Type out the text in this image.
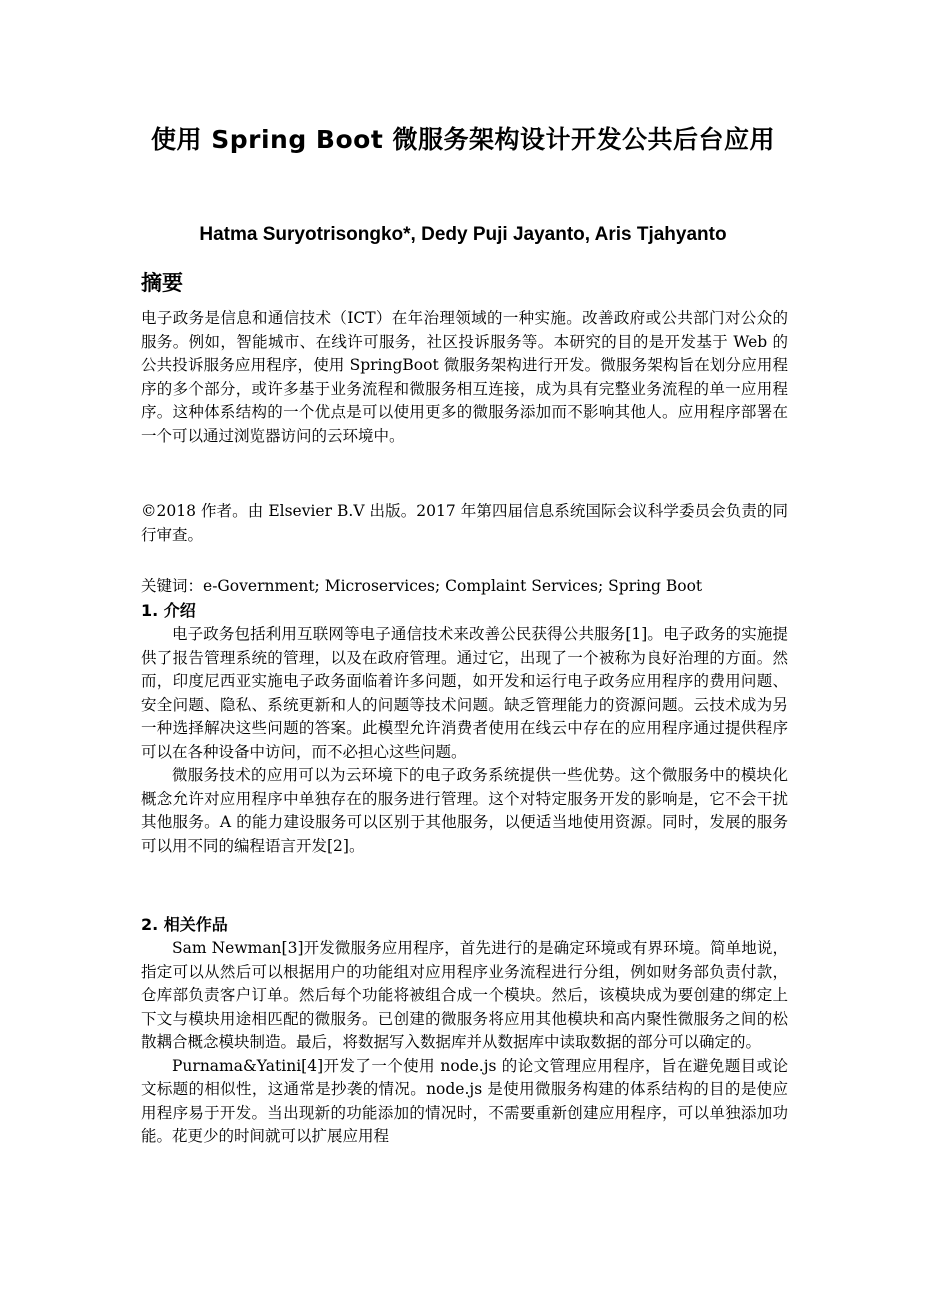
使用 Spring Boot 微服务架构设计开发公共后台应用
Hatma Suryotrisongko*, Dedy Puji Jayanto, Aris Tjahyanto
摘要

电子政务是信息和通信技术（ICT）在年治理领域的一种实施。改善政府或公共部门对公众的服务。例如，智能城市、在线许可服务，社区投诉服务等。本研究的目的是开发基于 Web 的公共投诉服务应用程序，使用 SpringBoot 微服务架构进行开发。微服务架构旨在划分应用程序的多个部分，或许多基于业务流程和微服务相互连接，成为具有完整业务流程的单一应用程序。这种体系结构的一个优点是可以使用更多的微服务添加而不影响其他人。应用程序部署在一个可以通过浏览器访问的云环境中。

©2018 作者。由 Elsevier B.V 出版。2017 年第四届信息系统国际会议科学委员会负责的同行审查。

关键词：e-Government; Microservices; Complaint Services; Spring Boot
1. 介绍

电子政务包括利用互联网等电子通信技术来改善公民获得公共服务[1]。电子政务的实施提供了报告管理系统的管理，以及在政府管理。通过它，出现了一个被称为良好治理的方面。然而，印度尼西亚实施电子政务面临着许多问题，如开发和运行电子政务应用程序的费用问题、安全问题、隐私、系统更新和人的问题等技术问题。缺乏管理能力的资源问题。云技术成为另一种选择解决这些问题的答案。此模型允许消费者使用在线云中存在的应用程序通过提供程序可以在各种设备中访问，而不必担心这些问题。

微服务技术的应用可以为云环境下的电子政务系统提供一些优势。这个微服务中的模块化概念允许对应用程序中单独存在的服务进行管理。这个对特定服务开发的影响是，它不会干扰其他服务。A 的能力建设服务可以区别于其他服务，以便适当地使用资源。同时，发展的服务可以用不同的编程语言开发[2]。

2. 相关作品

Sam Newman[3]开发微服务应用程序，首先进行的是确定环境或有界环境。简单地说，指定可以从然后可以根据用户的功能组对应用程序业务流程进行分组，例如财务部负责付款，仓库部负责客户订单。然后每个功能将被组合成一个模块。然后，该模块成为要创建的绑定上下文与模块用途相匹配的微服务。已创建的微服务将应用其他模块和高内聚性微服务之间的松散耦合概念模块制造。最后，将数据写入数据库并从数据库中读取数据的部分可以确定的。

Purnama&Yatini[4]开发了一个使用 node.js 的论文管理应用程序，旨在避免题目或论文标题的相似性，这通常是抄袭的情况。node.js 是使用微服务构建的体系结构的目的是使应用程序易于开发。当出现新的功能添加的情况时，不需要重新创建应用程序，可以单独添加功能。花更少的时间就可以扩展应用程
